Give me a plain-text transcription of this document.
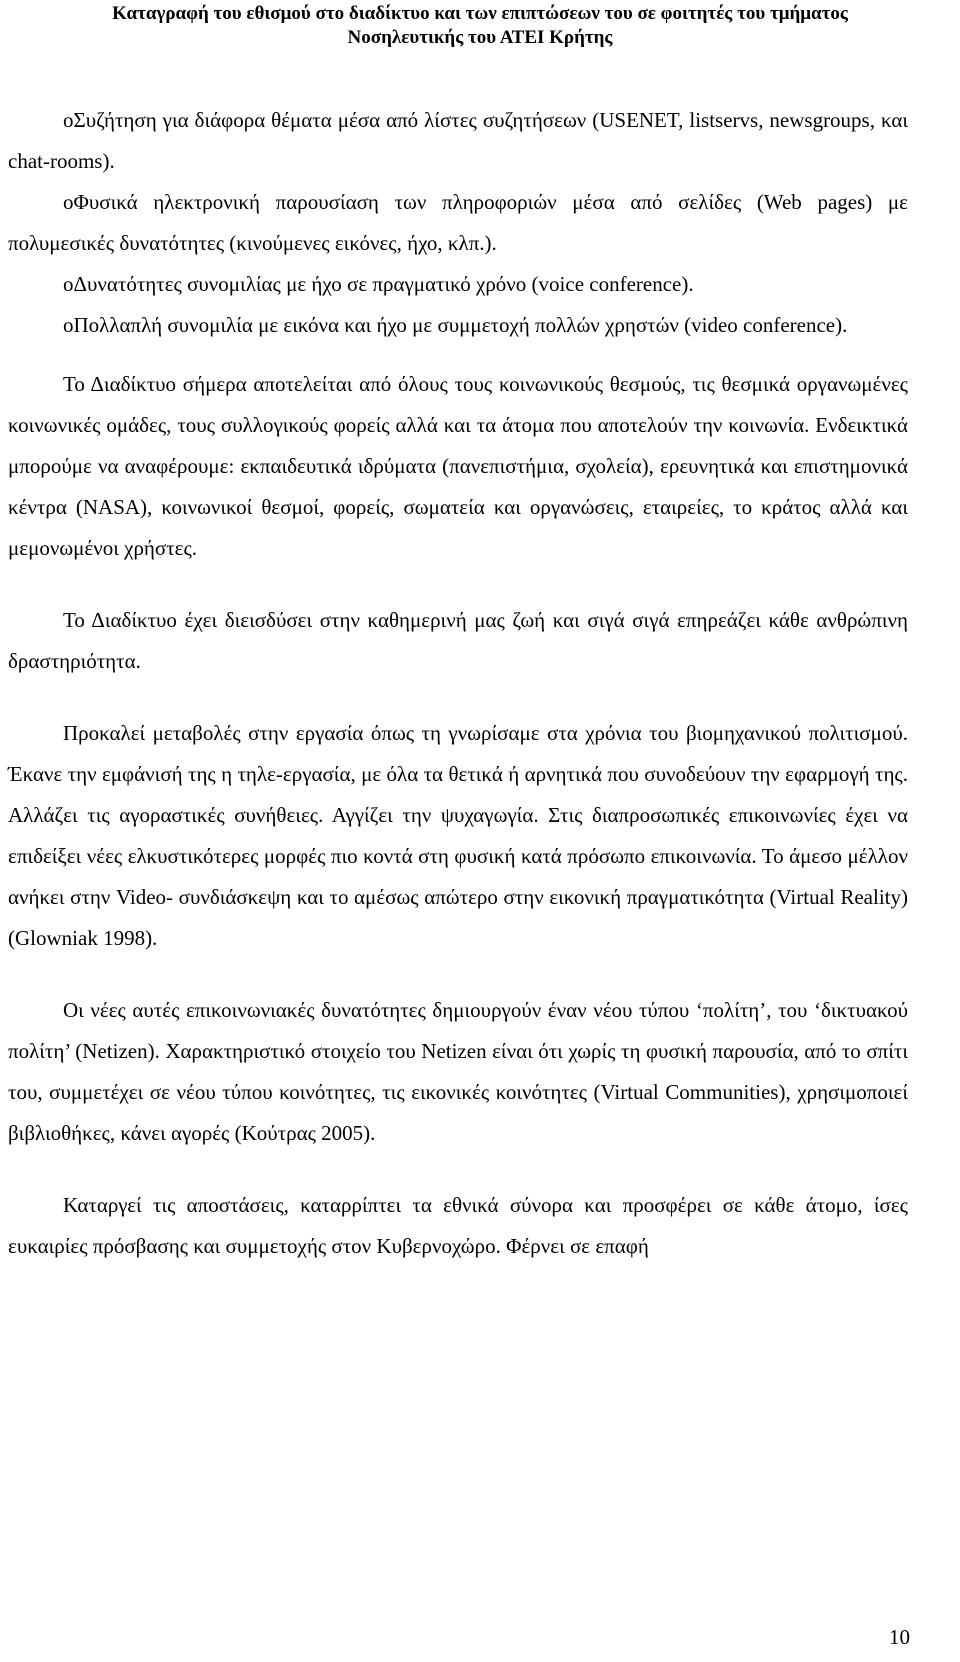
Καταγραφή του εθισμού στο διαδίκτυο και των επιπτώσεων του σε φοιτητές του τμήματος
Νοσηλευτικής του ΑΤΕΙ Κρήτης

oΣυζήτηση για διάφορα θέματα μέσα από λίστες συζητήσεων (USENET, listservs, newsgroups, και chat-rooms).

oΦυσικά ηλεκτρονική παρουσίαση των πληροφοριών μέσα από σελίδες (Web pages) με πολυμεσικές δυνατότητες (κινούμενες εικόνες, ήχο, κλπ.).

oΔυνατότητες συνομιλίας με ήχο σε πραγματικό χρόνο (voice conference).

oΠολλαπλή συνομιλία με εικόνα και ήχο με συμμετοχή πολλών χρηστών (video conference).

Το Διαδίκτυο σήμερα αποτελείται από όλους τους κοινωνικούς θεσμούς, τις θεσμικά οργανωμένες κοινωνικές ομάδες, τους συλλογικούς φορείς αλλά και τα άτομα που αποτελούν την κοινωνία. Ενδεικτικά μπορούμε να αναφέρουμε: εκπαιδευτικά ιδρύματα (πανεπιστήμια, σχολεία), ερευνητικά και επιστημονικά κέντρα (NASA), κοινωνικοί θεσμοί, φορείς, σωματεία και οργανώσεις, εταιρείες, το κράτος αλλά και μεμονωμένοι χρήστες.

Το Διαδίκτυο έχει διεισδύσει στην καθημερινή μας ζωή και σιγά σιγά επηρεάζει κάθε ανθρώπινη δραστηριότητα.

Προκαλεί μεταβολές στην εργασία όπως τη γνωρίσαμε στα χρόνια του βιομηχανικού πολιτισμού. Έκανε την εμφάνισή της η τηλε-εργασία, με όλα τα θετικά ή αρνητικά που συνοδεύουν την εφαρμογή της. Αλλάζει τις αγοραστικές συνήθειες. Αγγίζει την ψυχαγωγία. Στις διαπροσωπικές επικοινωνίες έχει να επιδείξει νέες ελκυστικότερες μορφές πιο κοντά στη φυσική κατά πρόσωπο επικοινωνία. Το άμεσο μέλλον ανήκει στην Video- συνδιάσκεψη και το αμέσως απώτερο στην εικονική πραγματικότητα (Virtual Reality) (Glowniak 1998).

Οι νέες αυτές επικοινωνιακές δυνατότητες δημιουργούν έναν νέου τύπου ‘πολίτη’, του ‘δικτυακού πολίτη’ (Netizen). Χαρακτηριστικό στοιχείο του Netizen είναι ότι χωρίς τη φυσική παρουσία, από το σπίτι του, συμμετέχει σε νέου τύπου κοινότητες, τις εικονικές κοινότητες (Virtual Communities), χρησιμοποιεί βιβλιοθήκες, κάνει αγορές (Κούτρας 2005).

Καταργεί τις αποστάσεις, καταρρίπτει τα εθνικά σύνορα και προσφέρει σε κάθε άτομο, ίσες ευκαιρίες πρόσβασης και συμμετοχής στον Κυβερνοχώρο. Φέρνει σε επαφή

10
